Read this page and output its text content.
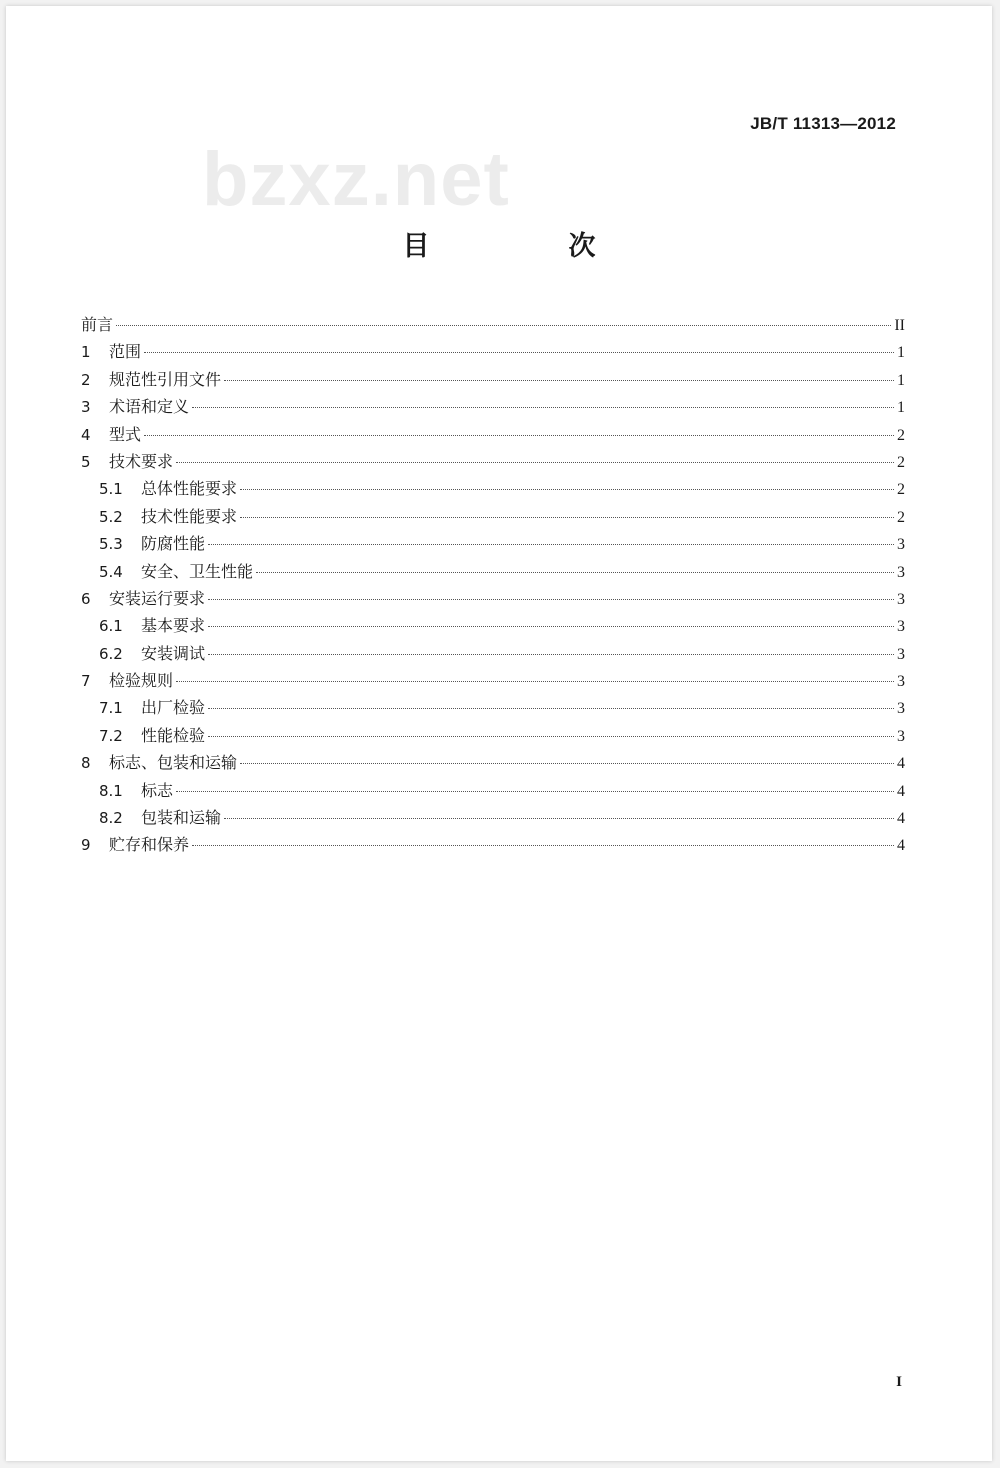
JB/T 11313—2012
bzxz.net
目　次
前言	II
1	范围	1
2	规范性引用文件	1
3	术语和定义	1
4	型式	2
5	技术要求	2
5.1	总体性能要求	2
5.2	技术性能要求	2
5.3	防腐性能	3
5.4	安全、卫生性能	3
6	安装运行要求	3
6.1	基本要求	3
6.2	安装调试	3
7	检验规则	3
7.1	出厂检验	3
7.2	性能检验	3
8	标志、包装和运输	4
8.1	标志	4
8.2	包装和运输	4
9	贮存和保养	4
I
